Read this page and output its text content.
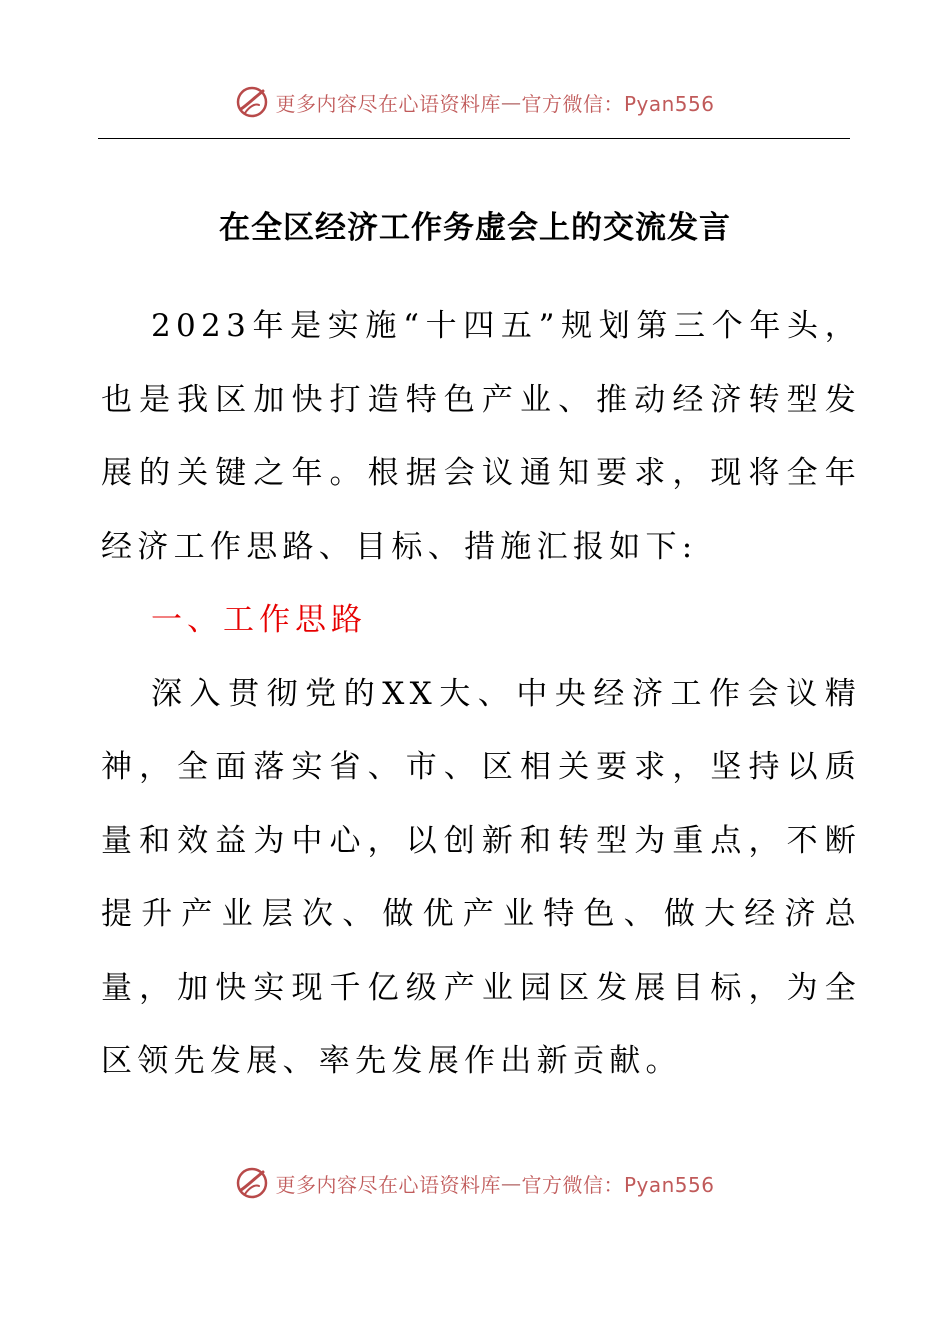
更多内容尽在心语资料库 — 官方微信：Pyan556
在全区经济工作务虚会上的交流发言

2023年是实施“十四五”规划第三个年头，也是我区加快打造特色产业、推动经济转型发展的关键之年。根据会议通知要求，现将全年经济工作思路、目标、措施汇报如下:

一、工作思路

深入贯彻党的XX大、中央经济工作会议精神，全面落实省、市、区相关要求，坚持以质量和效益为中心，以创新和转型为重点，不断提升产业层次、做优产业特色、做大经济总量，加快实现千亿级产业园区发展目标，为全区领先发展、率先发展作出新贡献。

更多内容尽在心语资料库 — 官方微信：Pyan556
